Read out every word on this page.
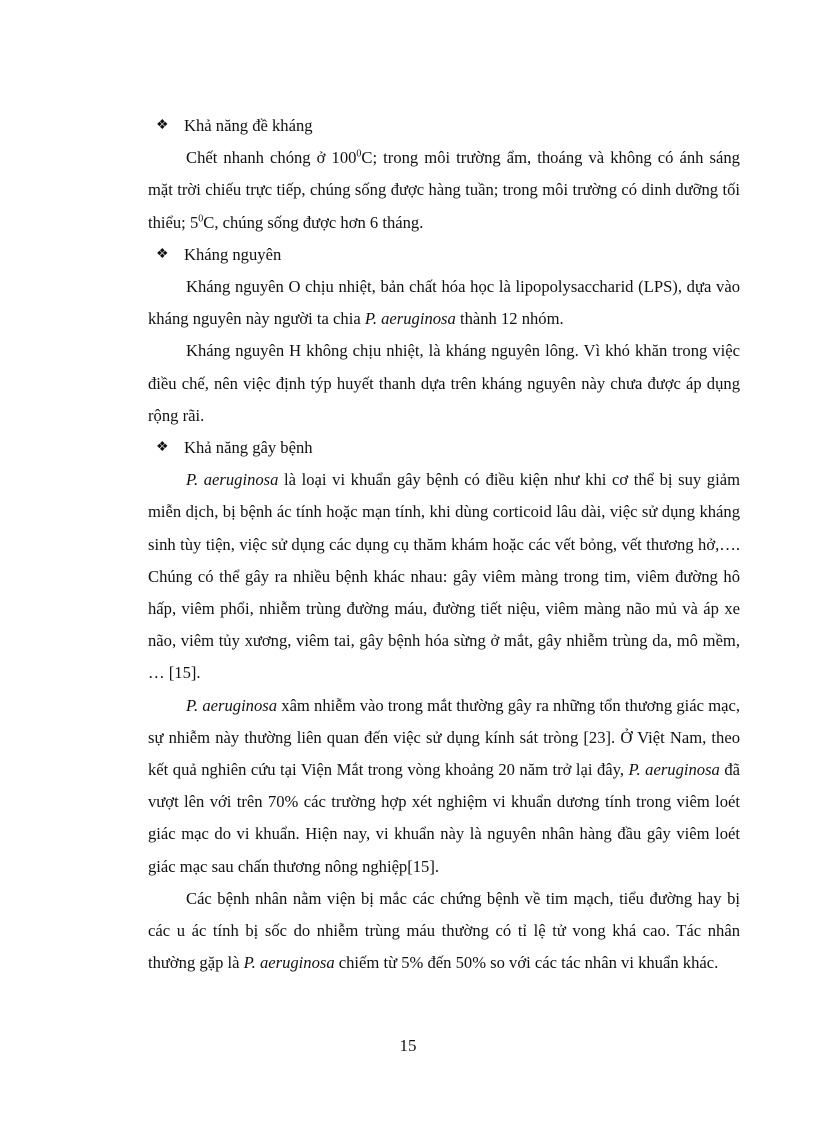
❖ Khả năng đề kháng

Chết nhanh chóng ở $100^0C$; trong môi trường ẩm, thoáng và không có ánh sáng mặt trời chiếu trực tiếp, chúng sống được hàng tuần; trong môi trường có dinh dưỡng tối thiểu; $5^0C$, chúng sống được hơn 6 tháng.

❖ Kháng nguyên

Kháng nguyên O chịu nhiệt, bản chất hóa học là lipopolysaccharid (LPS), dựa vào kháng nguyên này người ta chia P. aeruginosa thành 12 nhóm.

Kháng nguyên H không chịu nhiệt, là kháng nguyên lông. Vì khó khăn trong việc điều chế, nên việc định týp huyết thanh dựa trên kháng nguyên này chưa được áp dụng rộng rãi.

❖ Khả năng gây bệnh

P. aeruginosa là loại vi khuẩn gây bệnh có điều kiện như khi cơ thể bị suy giảm miễn dịch, bị bệnh ác tính hoặc mạn tính, khi dùng corticoid lâu dài, việc sử dụng kháng sinh tùy tiện, việc sử dụng các dụng cụ thăm khám hoặc các vết bỏng, vết thương hở,…. Chúng có thể gây ra nhiều bệnh khác nhau: gây viêm màng trong tim, viêm đường hô hấp, viêm phổi, nhiễm trùng đường máu, đường tiết niệu, viêm màng não mủ và áp xe não, viêm tủy xương, viêm tai, gây bệnh hóa sừng ở mắt, gây nhiễm trùng da, mô mềm, … [15].

P. aeruginosa xâm nhiễm vào trong mắt thường gây ra những tổn thương giác mạc, sự nhiễm này thường liên quan đến việc sử dụng kính sát tròng [23]. Ở Việt Nam, theo kết quả nghiên cứu tại Viện Mắt trong vòng khoảng 20 năm trở lại đây, P. aeruginosa đã vượt lên với trên 70% các trường hợp xét nghiệm vi khuẩn dương tính trong viêm loét giác mạc do vi khuẩn. Hiện nay, vi khuẩn này là nguyên nhân hàng đầu gây viêm loét giác mạc sau chấn thương nông nghiệp[15].

Các bệnh nhân nằm viện bị mắc các chứng bệnh về tim mạch, tiểu đường hay bị các u ác tính bị sốc do nhiễm trùng máu thường có tỉ lệ tử vong khá cao. Tác nhân thường gặp là P. aeruginosa chiếm từ 5% đến 50% so với các tác nhân vi khuẩn khác.

15
